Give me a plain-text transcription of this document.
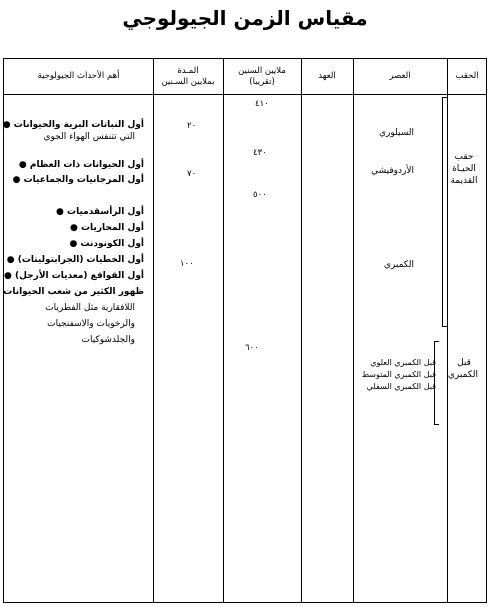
مقياس الزمن الجيولوجي
الحقب
العصر
العهد
ملايين السنين
(تقريبا)
المـدة
بملايين السـنين
أهم الأحداث الجيولوجية
حقب
الحيـاة
القديمة
قبل
الكمبري
السيلوري
الأردوفيشي
الكمبري
قبل الكمبري العلوي
قبل الكمبري المتوسط
قبل الكمبري السفلي
٤١٠
٤٣٠
٥٠٠
٦٠٠
٢٠
٧٠
١٠٠
أول النباتات البرية والحيوانات ●
التي تتنفس الهواء الجوي
أول الحيوانات ذات العظام ●
أول المرجانيات والجماعيات ●
أول الرأسقدميات ●
أول المحاريات ●
أول الكونودنت ●
أول الخطيات (الجرابتوليتات) ●
أول القواقع (معديات الأرجل) ●
ظهور الكثير من شعب الحيوانات
اللافقارية مثل الفطريات
والرخويات والاسفنجيات
والجلدشوكيات
